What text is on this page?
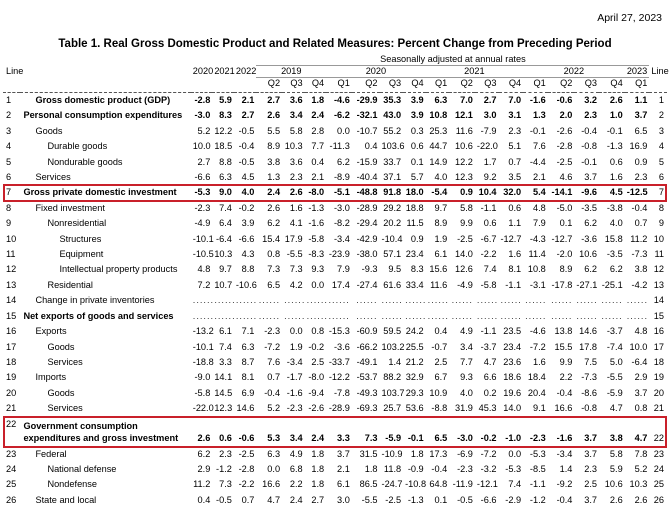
April 27, 2023
Table 1. Real Gross Domestic Product and Related Measures: Percent Change from Preceding Period
Line		2020	2021	2022	Seasonally adjusted at annual rates																Line
					2019			2020				2021				2022				2023	
					Q2	Q3	Q4	Q1	Q2	Q3	Q4	Q1	Q2	Q3	Q4	Q1	Q2	Q3	Q4	Q1	

1	Gross domestic product (GDP)	-2.8	5.9	2.1	2.7	3.6	1.8	-4.6	-29.9	35.3	3.9	6.3	7.0	2.7	7.0	-1.6	-0.6	3.2	2.6	1.1	1
2	Personal consumption expenditures	-3.0	8.3	2.7	2.6	3.4	2.4	-6.2	-32.1	43.0	3.9	10.8	12.1	3.0	3.1	1.3	2.0	2.3	1.0	3.7	2
3	Goods	5.2	12.2	-0.5	5.5	5.8	2.8	0.0	-10.7	55.2	0.3	25.3	11.6	-7.9	2.3	-0.1	-2.6	-0.4	-0.1	6.5	3
4	Durable goods	10.0	18.5	-0.4	8.9	10.3	7.7	-11.3	0.4	103.6	0.6	44.7	10.6	-22.0	5.1	7.6	-2.8	-0.8	-1.3	16.9	4
5	Nondurable goods	2.7	8.8	-0.5	3.8	3.6	0.4	6.2	-15.9	33.7	0.1	14.9	12.2	1.7	0.7	-4.4	-2.5	-0.1	0.6	0.9	5
6	Services	-6.6	6.3	4.5	1.3	2.3	2.1	-8.9	-40.4	37.1	5.7	4.0	12.3	9.2	3.5	2.1	4.6	3.7	1.6	2.3	6
7	Gross private domestic investment	-5.3	9.0	4.0	2.4	2.6	-8.0	-5.1	-48.8	91.8	18.0	-5.4	0.9	10.4	32.0	5.4	-14.1	-9.6	4.5	-12.5	7
8	Fixed investment	-2.3	7.4	-0.2	2.6	1.6	-1.3	-3.0	-28.9	29.2	18.8	9.7	5.8	-1.1	0.6	4.8	-5.0	-3.5	-3.8	-0.4	8
9	Nonresidential	-4.9	6.4	3.9	6.2	4.1	-1.6	-8.2	-29.4	20.2	11.5	8.9	9.9	0.6	1.1	7.9	0.1	6.2	4.0	0.7	9
10	Structures	-10.1	-6.4	-6.6	15.4	17.9	-5.8	-3.4	-42.9	-10.4	0.9	1.9	-2.5	-6.7	-12.7	-4.3	-12.7	-3.6	15.8	11.2	10
11	Equipment	-10.5	10.3	4.3	0.8	-5.5	-8.3	-23.9	-38.0	57.1	23.4	6.1	14.0	-2.2	1.6	11.4	-2.0	10.6	-3.5	-7.3	11
12	Intellectual property products	4.8	9.7	8.8	7.3	7.3	9.3	7.9	-9.3	9.5	8.3	15.6	12.6	7.4	8.1	10.8	8.9	6.2	6.2	3.8	12
13	Residential	7.2	10.7	-10.6	6.5	4.2	0.0	17.4	-27.4	61.6	33.4	11.6	-4.9	-5.8	-1.1	-3.1	-17.8	-27.1	-25.1	-4.2	13
14	Change in private inventories	......	......	......	......	......	......	......	......	......	......	......	......	......	......	......	......	......	......	......	14
15	Net exports of goods and services	......	......	......	......	......	......	......	......	......	......	......	......	......	......	......	......	......	......	......	15
16	Exports	-13.2	6.1	7.1	-2.3	0.0	0.8	-15.3	-60.9	59.5	24.2	0.4	4.9	-1.1	23.5	-4.6	13.8	14.6	-3.7	4.8	16
17	Goods	-10.1	7.4	6.3	-7.2	1.9	-0.2	-3.6	-66.2	103.2	25.5	-0.7	3.4	-3.7	23.4	-7.2	15.5	17.8	-7.4	10.0	17
18	Services	-18.8	3.3	8.7	7.6	-3.4	2.5	-33.7	-49.1	1.4	21.2	2.5	7.7	4.7	23.6	1.6	9.9	7.5	5.0	-6.4	18
19	Imports	-9.0	14.1	8.1	0.7	-1.7	-8.0	-12.2	-53.7	88.2	32.9	6.7	9.3	6.6	18.6	18.4	2.2	-7.3	-5.5	2.9	19
20	Goods	-5.8	14.5	6.9	-0.4	-1.6	-9.4	-7.8	-49.3	103.7	29.3	10.9	4.0	0.2	19.6	20.4	-0.4	-8.6	-5.9	3.7	20
21	Services	-22.0	12.3	14.6	5.2	-2.3	-2.6	-28.9	-69.3	25.7	53.6	-8.8	31.9	45.3	14.0	9.1	16.6	-0.8	4.7	0.8	21
22	Government consumption
expenditures and gross investment	2.6	0.6	-0.6	5.3	3.4	2.4	3.3	7.3	-5.9	-0.1	6.5	-3.0	-0.2	-1.0	-2.3	-1.6	3.7	3.8	4.7	22
23	Federal	6.2	2.3	-2.5	6.3	4.9	1.8	3.7	31.5	-10.9	1.8	17.3	-6.9	-7.2	0.0	-5.3	-3.4	3.7	5.8	7.8	23
24	National defense	2.9	-1.2	-2.8	0.0	6.8	1.8	2.1	1.8	11.8	-0.9	-0.4	-2.3	-3.2	-5.3	-8.5	1.4	2.3	5.9	5.2	24
25	Nondefense	11.2	7.3	-2.2	16.6	2.2	1.8	6.1	86.5	-24.7	-10.8	64.8	-11.9	-12.1	7.4	-1.1	-9.2	2.5	10.6	10.3	25
26	State and local	0.4	-0.5	0.7	4.7	2.4	2.7	3.0	-5.5	-2.5	-1.3	0.1	-0.5	-6.6	-2.9	-1.2	-0.4	3.7	2.6	2.6	26
